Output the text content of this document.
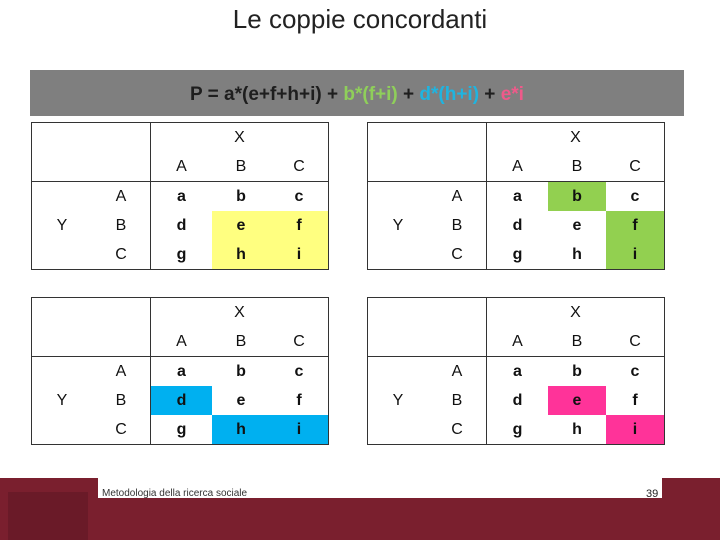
Le coppie concordanti
P = a*(e+f+h+i) + b*(f+i) + d*(h+i) + e*i
		X		
		A	B	C
	A	a	b	c
Y	B	d	e	f
	C	g	h	i
		X		
		A	B	C
	A	a	b	c
Y	B	d	e	f
	C	g	h	i
		X		
		A	B	C
	A	a	b	c
Y	B	d	e	f
	C	g	h	i
		X		
		A	B	C
	A	a	b	c
Y	B	d	e	f
	C	g	h	i
Metodologia della ricerca sociale	39
